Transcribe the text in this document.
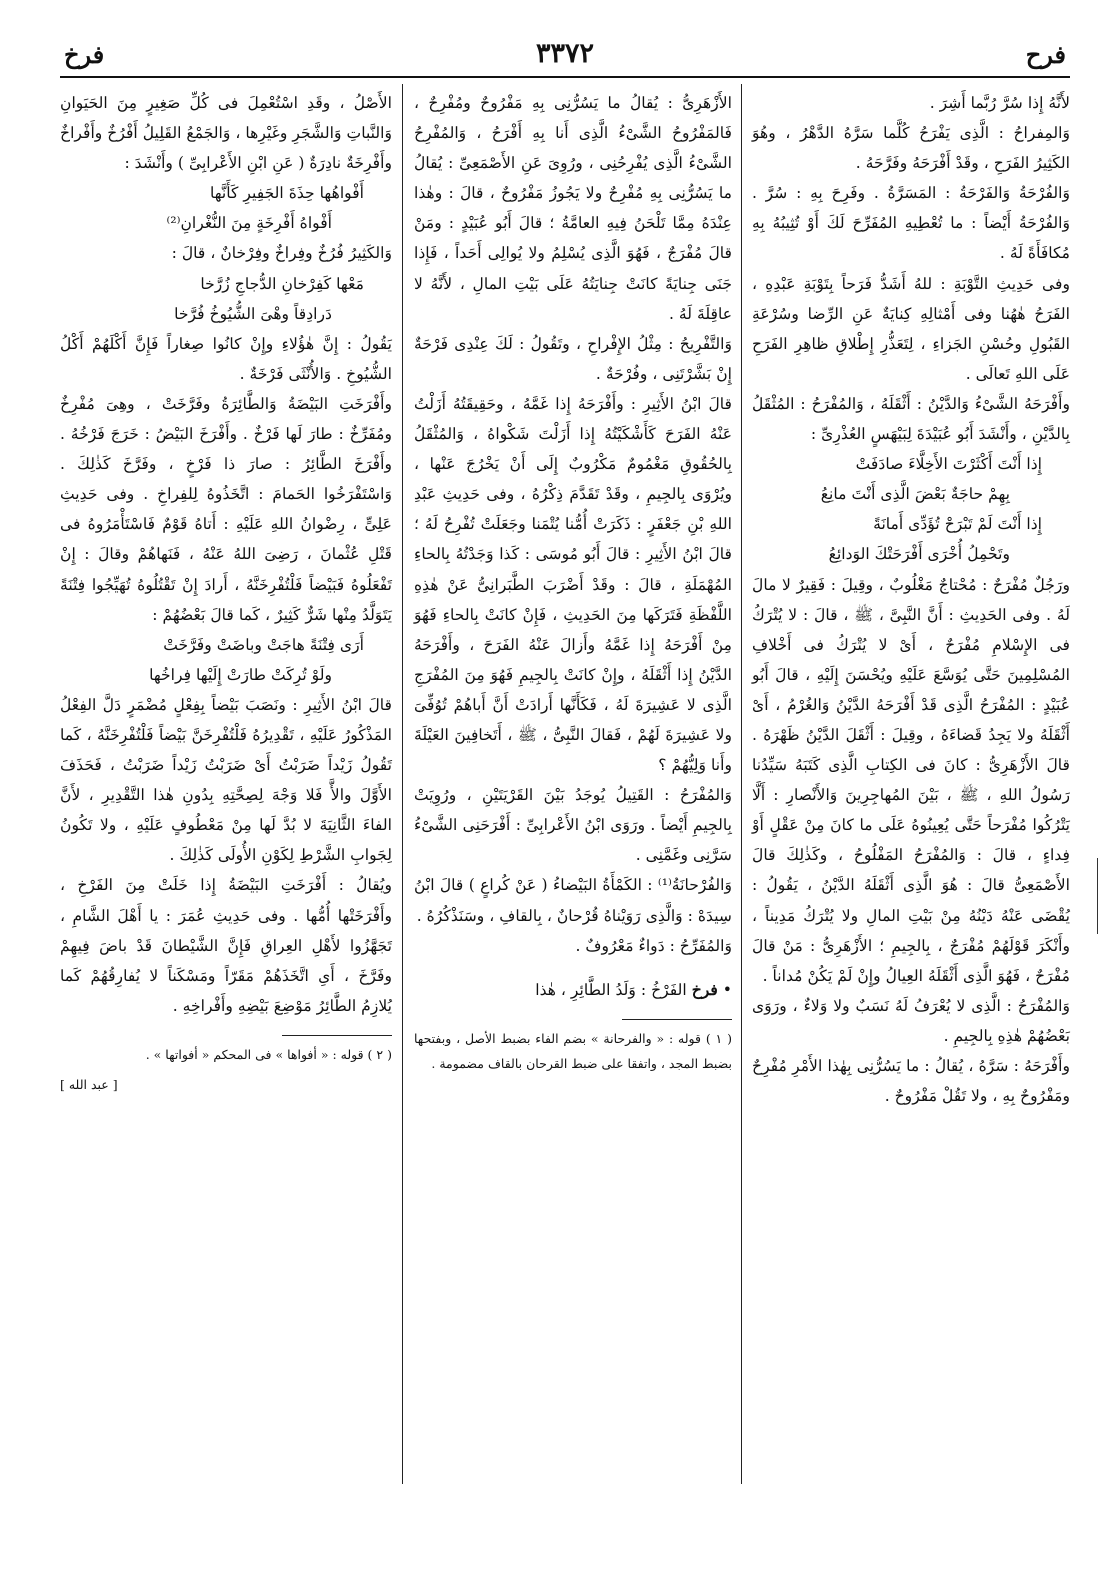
فرح
٣٣٧٢
فرخ

لأَنَّهُ إِذا سُرَّ رُبَّما أَشِرَ .

وَالمِفراحُ : الَّذِى يَفْرَحُ كُلَّما سَرَّهُ الدَّهْرُ ، وهُوَ الكَثِيرُ الفَرَحِ ، وقَدْ أَفْرَحَهُ وفَرَّحَهُ .

وَالفُرْحَةُ وَالفَرْحَةُ : المَسَرَّةُ . وفَرِحَ بِهِ : سُرَّ . وَالفُرْحَةُ أَيْضاً : ما تُعْطِيهِ المُفَرِّحَ لَكَ أَوْ تُثِيبُهُ بِهِ مُكافَأَةً لَهُ .

وفى حَدِيثِ التَّوْبَةِ : للهُ أَشَدُّ فَرَحاً بِتَوْبَةِ عَبْدِهِ ، الفَرَحُ هٰهُنا وفى أَمْثالِهِ كِنايَةٌ عَنِ الرِّضا وسُرْعَةِ القَبُولِ وحُسْنِ الجَزاءِ ، لِتَعَذُّرِ إِطْلاقِ ظاهِرِ الفَرَحِ عَلَى اللهِ تَعالَى .

وأَفْرَحَهُ الشَّىْءُ وَالدَّيْنُ : أَثْقَلَهُ ، وَالمُفْرَحُ : المُثْقَلُ بِالدَّيْنِ ، وأَنْشَدَ أَبُو عُبَيْدَةَ لِبَيْهَسٍ العُذْرِىِّ :

إِذا أَنْتَ أَكْثَرْتَ الأَخِلَّاءَ صادَفَتْ

بِهِمْ حاجَةٌ بَعْضَ الَّذِى أَنْتَ مانِعُ

إِذا أَنْتَ لَمْ تَبْرَحْ تُؤَدِّى أَمانَةً

وتَحْمِلُ أُخْرَى أَفْرَحَتْكَ الوَدائِعُ

ورَجُلٌ مُفْرَحٌ : مُحْتاجٌ مَغْلُوبٌ ، وقِيلَ : فَقِيرٌ لا مالَ لَهُ . وفى الحَدِيثِ : أَنَّ النَّبِىَّ ، ﷺ ، قالَ : لا يُتْرَكُ فى الإِسْلامِ مُفْرَحٌ ، أَىْ لا يُتْرَكُ فى أَخْلافِ المُسْلِمِينَ حَتَّى يُوَسَّعَ عَلَيْهِ ويُحْسَنَ إِلَيْهِ ، قالَ أَبُو عُبَيْدٍ : المُفْرَحُ الَّذِى قَدْ أَفْرَحَهُ الدَّيْنُ وَالغُرْمُ ، أَىْ أَثْقَلَهُ ولا يَجِدُ قَضاءَهُ ، وقِيلَ : أَثْقَلَ الدَّيْنُ ظَهْرَهُ . قالَ الأَزْهَرِىُّ : كانَ فى الكِتابِ الَّذِى كَتَبَهُ سَيِّدُنا رَسُولُ اللهِ ، ﷺ ، بَيْنَ المُهاجِرِينَ وَالأَنْصارِ : أَلَّا يَتْرُكُوا مُفْرَحاً حَتَّى يُعِينُوهُ عَلَى ما كانَ مِنْ عَقْلٍ أَوْ فِداءٍ ، قالَ : وَالمُفْرَحُ المَفْلُوحُ ، وكَذٰلِكَ قالَ الأَصْمَعِىُّ قالَ : هُوَ الَّذِى أَثْقَلَهُ الدَّيْنُ ، يَقُولُ : يُقْضَى عَنْهُ دَيْنُهُ مِنْ بَيْتِ المالِ ولا يُتْرَكُ مَدِيناً ، وأَنْكَرَ قَوْلَهُمْ مُفْرَجٌ ، بِالجِيمِ ؛ الأَزْهَرِىُّ : مَنْ قالَ مُفْرَحٌ ، فَهُوَ الَّذِى أَثْقَلَهُ العِيالُ وإِنْ لَمْ يَكُنْ مُداناً .

وَالمُفْرَحُ : الَّذِى لا يُعْرَفُ لَهُ نَسَبٌ ولا وَلاءٌ ، ورَوَى بَعْضُهُمْ هٰذِهِ بِالجِيمِ .

وأَفْرَحَهُ : سَرَّهُ ، يُقالُ : ما يَسُرُّنِى بِهٰذا الأَمْرِ مُفْرِحٌ ومَفْرُوحٌ بِهِ ، ولا تَقُلْ مَفْرُوحٌ .

الأَزْهَرِىُّ : يُقالُ ما يَسُرُّنِى بِهِ مَفْرُوحٌ ومُفْرِحٌ ، فَالمَفْرُوحُ الشَّىْءُ الَّذِى أَنا بِهِ أَفْرَحُ ، وَالمُفْرِحُ الشَّىْءُ الَّذِى يُفْرِحُنِى ، ورُوِىَ عَنِ الأَصْمَعِىِّ : يُقالُ ما يَسُرُّنِى بِهِ مُفْرِحٌ ولا يَجُوزُ مَفْرُوحٌ ، قالَ : وهٰذا عِنْدَهُ مِمَّا تَلْحَنُ فِيهِ العامَّةُ ؛ قالَ أَبُو عُبَيْدٍ : ومَنْ قالَ مُفْرَجٌ ، فَهُوَ الَّذِى يُسْلِمُ ولا يُوالِى أَحَداً ، فَإِذا جَنَى جِنايَةً كانَتْ جِنايَتُهُ عَلَى بَيْتِ المالِ ، لأَنَّهُ لا عاقِلَةَ لَهُ .

وَالتَّفْرِيحُ : مِثْلُ الإِفْراحِ ، وتَقُولُ : لَكَ عِنْدِى فَرْحَةٌ إِنْ بَشَّرْتَنِى ، وفُرْحَةٌ .

قالَ ابْنُ الأَثِيرِ : وأَفْرَحَهُ إِذا غَمَّهُ ، وحَقِيقَتُهُ أَزَلْتُ عَنْهُ الفَرَحَ كَأَشْكَيْتُهُ إِذا أَزَلْتَ شَكْواهُ ، وَالمُثْقَلُ بِالحُقُوقِ مَغْمُومٌ مَكْرُوبٌ إِلَى أَنْ يَخْرُجَ عَنْها ، ويُرْوَى بِالجِيمِ ، وقَدْ تَقَدَّمَ ذِكْرُهُ ، وفى حَدِيثِ عَبْدِ اللهِ بْنِ جَعْفَرٍ : ذَكَرَتْ أُمُّنا يُتْمَنا وجَعَلَتْ تُفْرِحُ لَهُ ؛ قالَ ابْنُ الأَثِيرِ : قالَ أَبُو مُوسَى : كَذا وَجَدْتُهُ بِالحاءِ المُهْمَلَةِ ، قالَ : وقَدْ أَضْرَبَ الطَّبَرانِىُّ عَنْ هٰذِهِ اللَّفْظَةِ فَتَرَكَها مِنَ الحَدِيثِ ، فَإِنْ كانَتْ بِالحاءِ فَهُوَ مِنْ أَفْرَحَهُ إِذا غَمَّهُ وأَزالَ عَنْهُ الفَرَحَ ، وأَفْرَحَهُ الدَّيْنُ إِذا أَثْقَلَهُ ، وإِنْ كانَتْ بِالجِيمِ فَهُوَ مِنَ المُفْرَجِ الَّذِى لا عَشِيرَةَ لَهُ ، فَكَأَنَّها أَرادَتْ أَنَّ أَباهُمْ تُوُفِّىَ ولا عَشِيرَةَ لَهُمْ ، فَقالَ النَّبِىُّ ، ﷺ ، أَتَخافِينَ العَيْلَةَ وأَنا وَلِيُّهُمْ ؟

وَالمُفْرَحُ : القَتِيلُ يُوجَدُ بَيْنَ القَرْيَتَيْنِ ، ورُوِيَتْ بِالجِيمِ أَيْضاً . ورَوَى ابْنُ الأَعْرابِىِّ : أَفْرَحَنِى الشَّىْءُ سَرَّنِى وغَمَّنِى .

وَالفُرْحانَةُ⁽¹⁾ : الكَمْأَةُ البَيْضاءُ ( عَنْ كُراعٍ ) قالَ ابْنُ سِيدَهْ : وَالَّذِى رَوَيْناهُ قُرْحانٌ ، بِالقافِ ، وسَنَذْكُرُهُ .

وَالمُفَرِّحُ : دَواءٌ مَعْرُوفٌ .

• فرخ الفَرْخُ : وَلَدُ الطَّائِرِ ، هٰذا

( ١ ) قوله : « والفرحانة » بضم الفاء بضبط الأصل ، وبفتحها بضبط المجد ، واتفقا على ضبط القرحان بالقاف مضمومة .

الأَصْلُ ، وقَدِ اسْتُعْمِلَ فى كُلِّ صَغِيرٍ مِنَ الحَيَوانِ وَالنَّباتِ وَالشَّجَرِ وغَيْرِها ، وَالجَمْعُ القَلِيلُ أَفْرُخٌ وأَفْراخٌ وأَفْرِخَةٌ نادِرَةٌ ( عَنِ ابْنِ الأَعْرابِىِّ ) وأَنْشَدَ :

أَفْواهُها حِذَةَ الجَفِيرِ كَأَنَّها

أَفْواهُ أَفْرِخَةٍ مِنَ النُّغْرانِ⁽²⁾

وَالكَثِيرُ فُرُخٌ وفِراخٌ وفِرْخانٌ ، قالَ :

مَعْها كَفِرْخانِ الدُّجاجِ زُرَّخا

دَرادِقاً وهْىَ الشُّيُوخُ فُرَّخا

يَقُولُ : إِنَّ هٰؤُلاءِ وإِنْ كانُوا صِغاراً فَإِنَّ أَكْلَهُمْ أَكْلُ الشُّيُوخِ . وَالأُنْثَى فَرْخَةٌ .

وأَفْرَخَتِ البَيْضَةُ وَالطَّائِرَةُ وفَرَّخَتْ ، وهِىَ مُفْرِخٌ ومُفَرِّخٌ : طارَ لَها فَرْخٌ . وأَفْرَخَ البَيْضُ : خَرَجَ فَرْخُهُ . وأَفْرَخَ الطَّائِرُ : صارَ ذا فَرْخٍ ، وفَرَّخَ كَذٰلِكَ . وَاسْتَفْرَخُوا الحَمامَ : اتَّخَذُوهُ لِلفِراخِ . وفى حَدِيثِ عَلِىٍّ ، رِضْوانُ اللهِ عَلَيْهِ : أَتاهُ قَوْمٌ فَاسْتَأْمَرُوهُ فى قَتْلِ عُثْمانَ ، رَضِىَ اللهُ عَنْهُ ، فَنَهاهُمْ وقالَ : إِنْ تَفْعَلُوهُ فَبَيْضاً فَلْتُفْرِخَنَّهُ ، أَرادَ إِنْ تَقْتُلُوهُ تُهَيِّجُوا فِتْنَةً يَتَوَلَّدُ مِنْها شَرٌّ كَثِيرٌ ، كَما قالَ بَعْضُهُمْ :

أَرَى فِتْنَةً هاجَتْ وباضَتْ وفَرَّخَتْ

ولَوْ تُرِكَتْ طارَتْ إِلَيْها فِراخُها

قالَ ابْنُ الأَثِيرِ : ونَصَبَ بَيْضاً بِفِعْلٍ مُضْمَرٍ دَلَّ الفِعْلُ المَذْكُورُ عَلَيْهِ ، تَقْدِيرُهُ فَلْتُفْرِخَنَّ بَيْضاً فَلْتُفْرِخَنَّهُ ، كَما تَقُولُ زَيْداً ضَرَبْتُ أَىْ ضَرَبْتُ زَيْداً ضَرَبْتُ ، فَحَذَفَ الأَوَّلَ والأَّ فَلا وَجْهَ لِصِحَّتِهِ بِدُونِ هٰذا التَّقْدِيرِ ، لأَنَّ الفاءَ الثَّانِيَةَ لا بُدَّ لَها مِنْ مَعْطُوفٍ عَلَيْهِ ، ولا تَكُونُ لِجَوابِ الشَّرْطِ لِكَوْنِ الأُولَى كَذٰلِكَ .

ويُقالُ : أَفْرَخَتِ البَيْضَةُ إِذا خَلَتْ مِنَ الفَرْخِ ، وأَفْرَخَتْها أُمُّها . وفى حَدِيثِ عُمَرَ : يا أَهْلَ الشَّامِ ، تَجَهَّزُوا لأَهْلِ العِراقِ فَإِنَّ الشَّيْطانَ قَدْ باضَ فِيهِمْ وفَرَّخَ ، أَىِ اتَّخَذَهُمْ مَقَرّاً ومَسْكَناً لا يُفارِقُهُمْ كَما يُلازِمُ الطَّائِرُ مَوْضِعَ بَيْضِهِ وأَفْراخِهِ .

( ٢ ) قوله : « أفواها » فى المحكم « أفواتها » .

[ عبد الله ]
